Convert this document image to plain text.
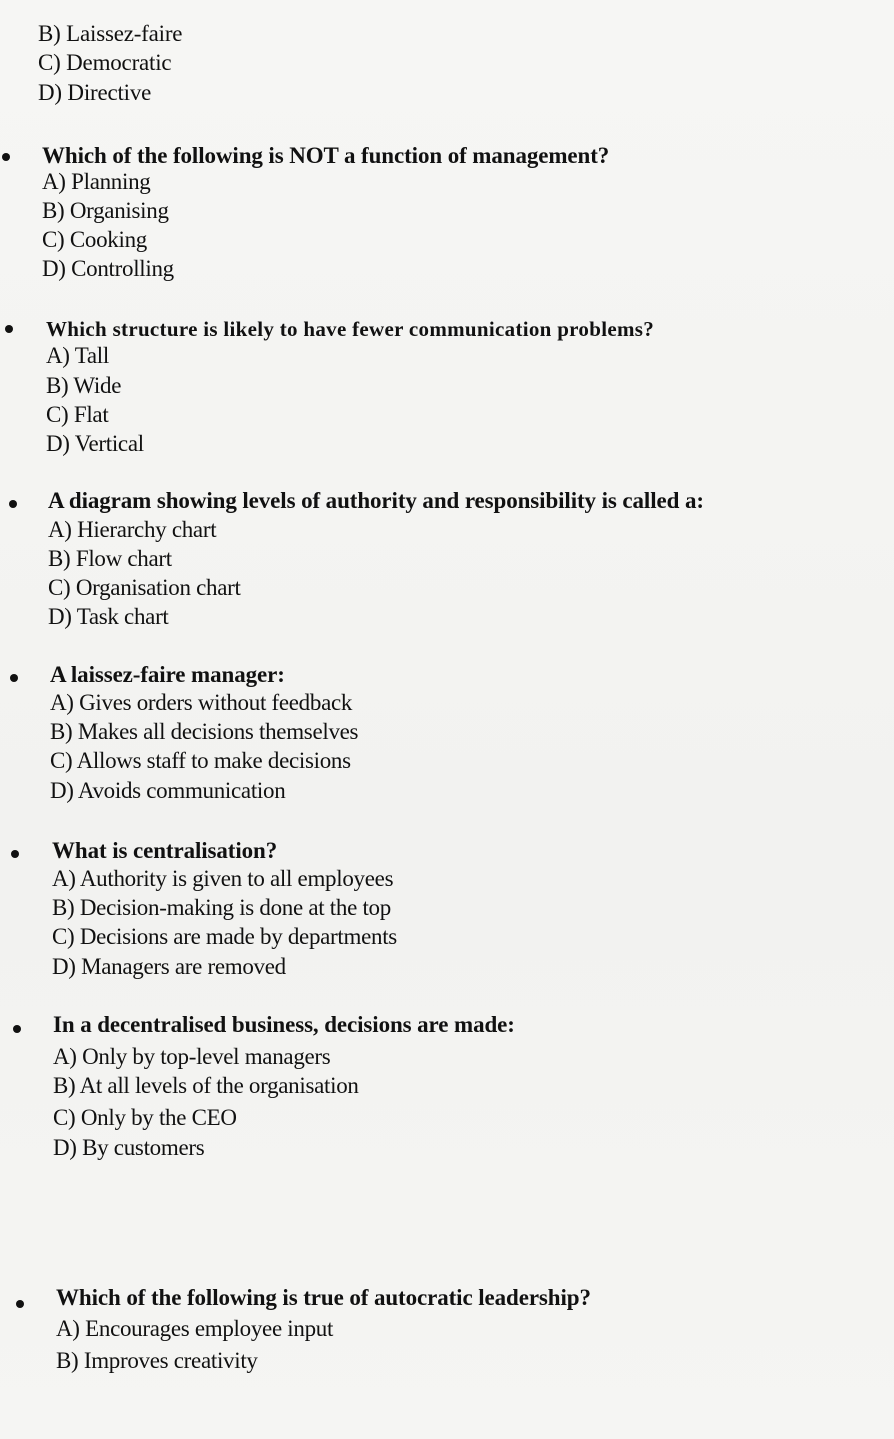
B) Laissez-faire
C) Democratic
D) Directive
Which of the following is NOT a function of management?
A) Planning
B) Organising
C) Cooking
D) Controlling
Which structure is likely to have fewer communication problems?
A) Tall
B) Wide
C) Flat
D) Vertical
A diagram showing levels of authority and responsibility is called a:
A) Hierarchy chart
B) Flow chart
C) Organisation chart
D) Task chart
A laissez-faire manager:
A) Gives orders without feedback
B) Makes all decisions themselves
C) Allows staff to make decisions
D) Avoids communication
What is centralisation?
A) Authority is given to all employees
B) Decision-making is done at the top
C) Decisions are made by departments
D) Managers are removed
In a decentralised business, decisions are made:
A) Only by top-level managers
B) At all levels of the organisation
C) Only by the CEO
D) By customers
Which of the following is true of autocratic leadership?
A) Encourages employee input
B) Improves creativity
